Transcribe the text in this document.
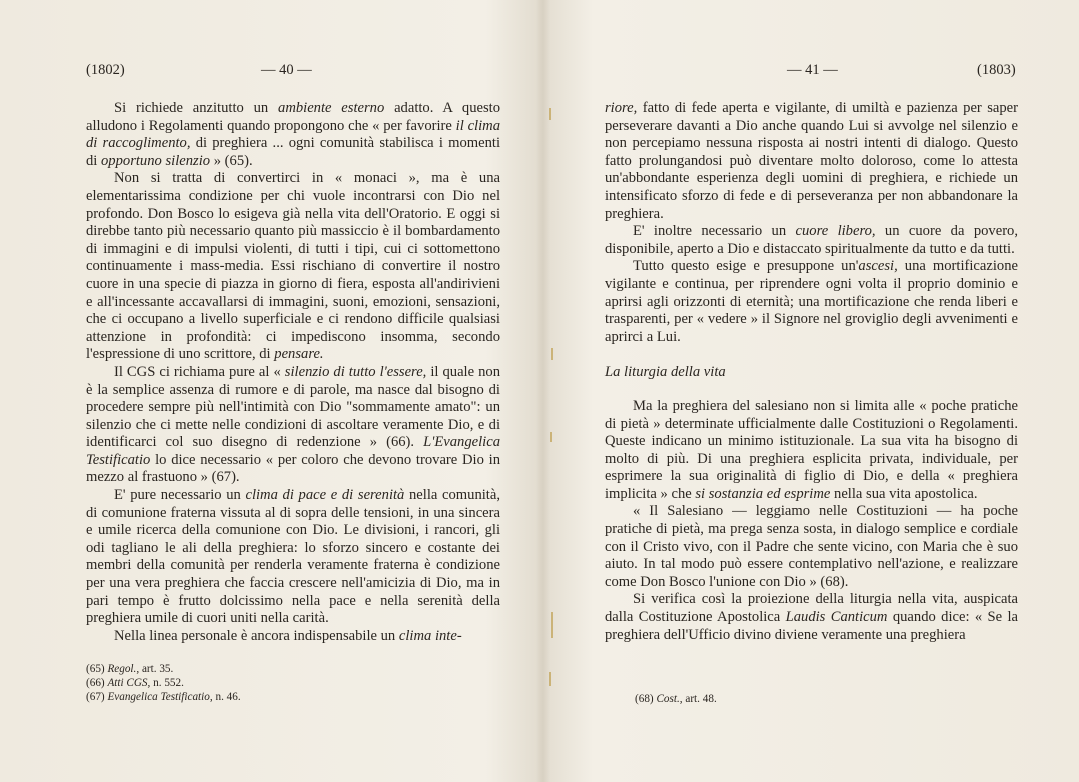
(1802)	— 40 —

Si richiede anzitutto un ambiente esterno adatto. A questo alludono i Regolamenti quando propongono che « per favorire il clima di raccoglimento, di preghiera ... ogni comunità stabilisca i momenti di opportuno silenzio » (65).

Non si tratta di convertirci in « monaci », ma è una elementarissima condizione per chi vuole incontrarsi con Dio nel profondo. Don Bosco lo esigeva già nella vita dell'Oratorio. E oggi si direbbe tanto più necessario quanto più massiccio è il bombardamento di immagini e di impulsi violenti, di tutti i tipi, cui ci sottomettono continuamente i mass-media. Essi rischiano di convertire il nostro cuore in una specie di piazza in giorno di fiera, esposta all'andirivieni e all'incessante accavallarsi di immagini, suoni, emozioni, sensazioni, che ci occupano a livello superficiale e ci rendono difficile qualsiasi attenzione in profondità: ci impediscono insomma, secondo l'espressione di uno scrittore, di pensare.

Il CGS ci richiama pure al « silenzio di tutto l'essere, il quale non è la semplice assenza di rumore e di parole, ma nasce dal bisogno di procedere sempre più nell'intimità con Dio "sommamente amato": un silenzio che ci mette nelle condizioni di ascoltare veramente Dio, e di identificarci col suo disegno di redenzione » (66). L'Evangelica Testificatio lo dice necessario « per coloro che devono trovare Dio in mezzo al frastuono » (67).

E' pure necessario un clima di pace e di serenità nella comunità, di comunione fraterna vissuta al di sopra delle tensioni, in una sincera e umile ricerca della comunione con Dio. Le divisioni, i rancori, gli odi tagliano le ali della preghiera: lo sforzo sincero e costante dei membri della comunità per renderla veramente fraterna è condizione per una vera preghiera che faccia crescere nell'amicizia di Dio, ma in pari tempo è frutto dolcissimo nella pace e nella serenità della preghiera umile di cuori uniti nella carità.

Nella linea personale è ancora indispensabile un clima inte-

(65) Regol., art. 35.
(66) Atti CGS, n. 552.
(67) Evangelica Testificatio, n. 46.
— 41 —	(1803)

riore, fatto di fede aperta e vigilante, di umiltà e pazienza per saper perseverare davanti a Dio anche quando Lui si avvolge nel silenzio e non percepiamo nessuna risposta ai nostri intenti di dialogo. Questo fatto prolungandosi può diventare molto doloroso, come lo attesta un'abbondante esperienza degli uomini di preghiera, e richiede un intensificato sforzo di fede e di perseveranza per non abbandonare la preghiera.

E' inoltre necessario un cuore libero, un cuore da povero, disponibile, aperto a Dio e distaccato spiritualmente da tutto e da tutti.

Tutto questo esige e presuppone un'ascesi, una mortificazione vigilante e continua, per riprendere ogni volta il proprio dominio e aprirsi agli orizzonti di eternità; una mortificazione che renda liberi e trasparenti, per « vedere » il Signore nel groviglio degli avvenimenti e aprirci a Lui.

La liturgia della vita

Ma la preghiera del salesiano non si limita alle « poche pratiche di pietà » determinate ufficialmente dalle Costituzioni o Regolamenti. Queste indicano un minimo istituzionale. La sua vita ha bisogno di molto di più. Di una preghiera esplicita privata, individuale, per esprimere la sua originalità di figlio di Dio, e della « preghiera implicita » che si sostanzia ed esprime nella sua vita apostolica.

« Il Salesiano — leggiamo nelle Costituzioni — ha poche pratiche di pietà, ma prega senza sosta, in dialogo semplice e cordiale con il Cristo vivo, con il Padre che sente vicino, con Maria che è suo aiuto. In tal modo può essere contemplativo nell'azione, e realizzare come Don Bosco l'unione con Dio » (68).

Si verifica così la proiezione della liturgia nella vita, auspicata dalla Costituzione Apostolica Laudis Canticum quando dice: « Se la preghiera dell'Ufficio divino diviene veramente una preghiera

(68) Cost., art. 48.
